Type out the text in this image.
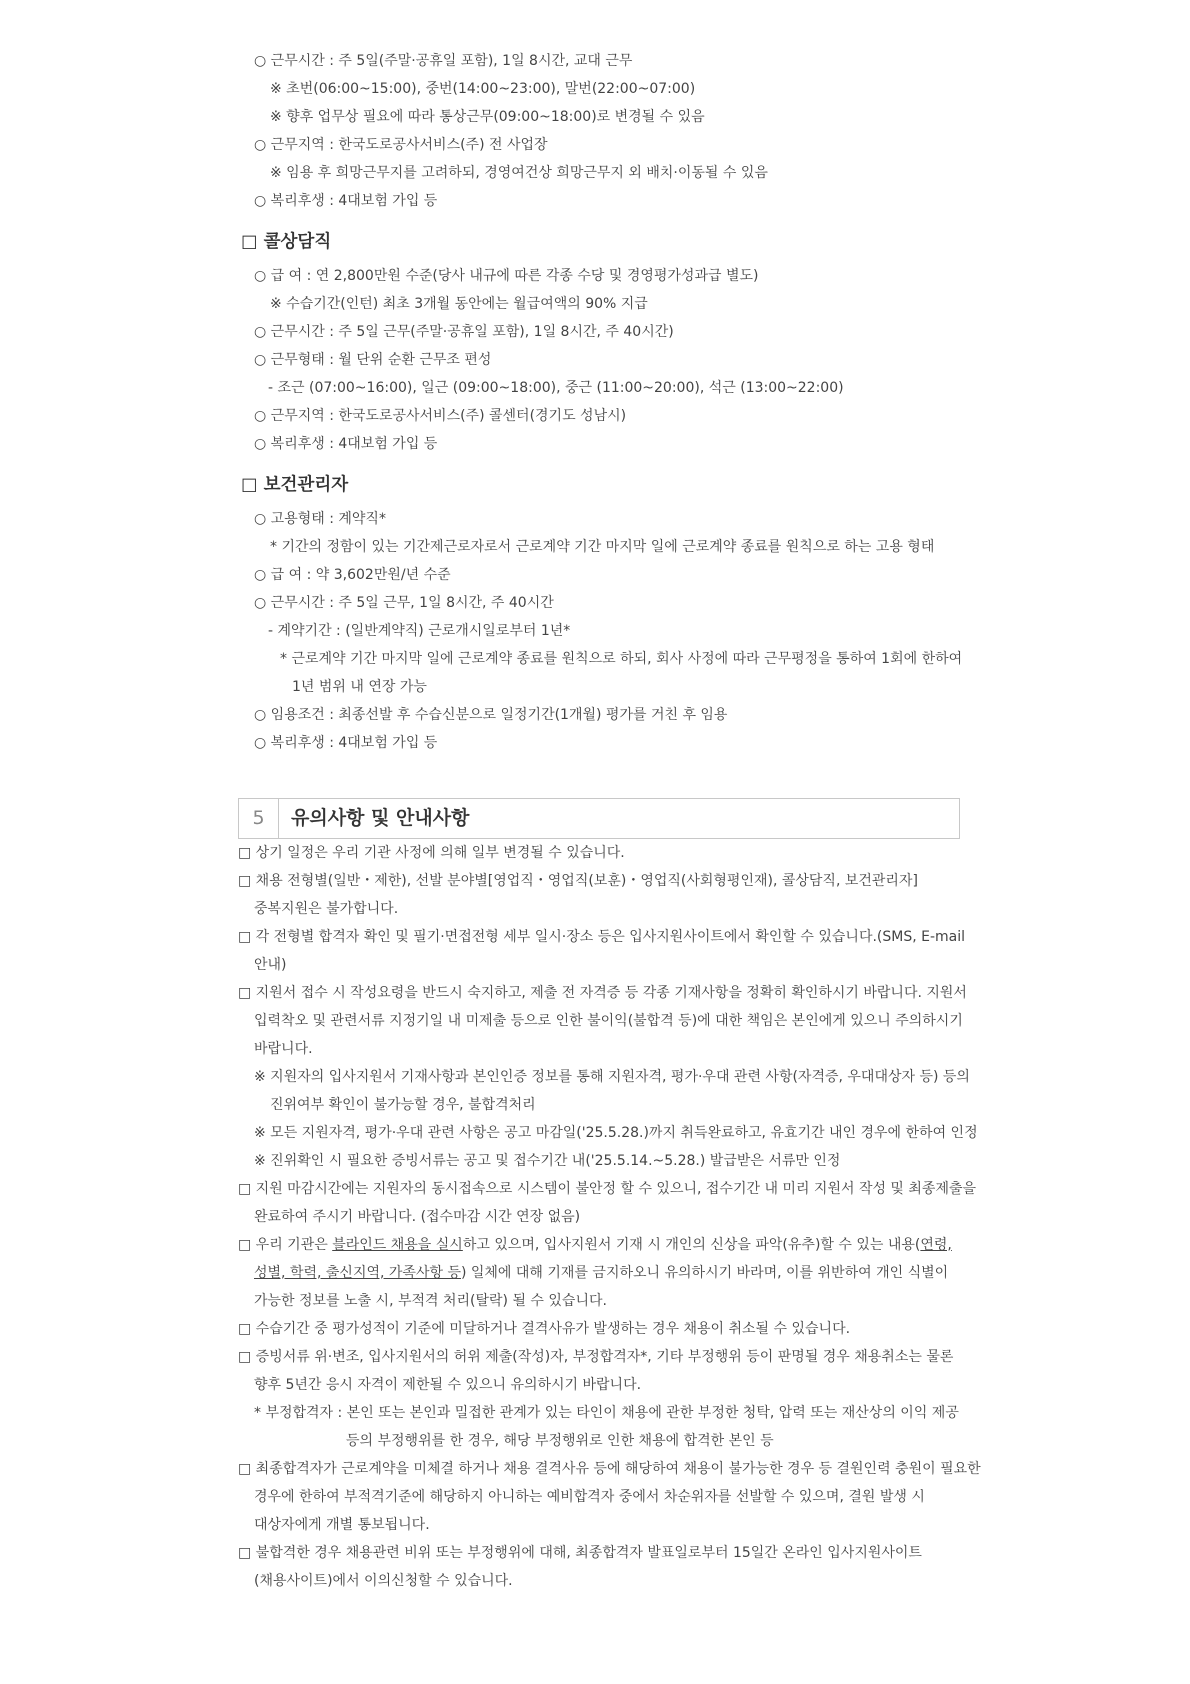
○ 근무시간 : 주 5일(주말·공휴일 포함), 1일 8시간, 교대 근무
※ 초번(06:00~15:00), 중번(14:00~23:00), 말번(22:00~07:00)
※ 향후 업무상 필요에 따라 통상근무(09:00~18:00)로 변경될 수 있음
○ 근무지역 : 한국도로공사서비스(주) 전 사업장
※ 임용 후 희망근무지를 고려하되, 경영여건상 희망근무지 외 배치·이동될 수 있음
○ 복리후생 : 4대보험 가입 등
□ 콜상담직
○ 급 여 : 연 2,800만원 수준(당사 내규에 따른 각종 수당 및 경영평가성과급 별도)
※ 수습기간(인턴) 최초 3개월 동안에는 월급여액의 90% 지급
○ 근무시간 : 주 5일 근무(주말·공휴일 포함), 1일 8시간, 주 40시간)
○ 근무형태 : 월 단위 순환 근무조 편성
- 조근 (07:00~16:00), 일근 (09:00~18:00), 중근 (11:00~20:00), 석근 (13:00~22:00)
○ 근무지역 : 한국도로공사서비스(주) 콜센터(경기도 성남시)
○ 복리후생 : 4대보험 가입 등
□ 보건관리자
○ 고용형태 : 계약직*
* 기간의 정함이 있는 기간제근로자로서 근로계약 기간 마지막 일에 근로계약 종료를 원칙으로 하는 고용 형태
○ 급 여 : 약 3,602만원/년 수준
○ 근무시간 : 주 5일 근무, 1일 8시간, 주 40시간
- 계약기간 : (일반계약직) 근로개시일로부터 1년*
* 근로계약 기간 마지막 일에 근로계약 종료를 원칙으로 하되, 회사 사정에 따라 근무평정을 통하여 1회에 한하여
1년 범위 내 연장 가능
○ 임용조건 : 최종선발 후 수습신분으로 일정기간(1개월) 평가를 거친 후 임용
○ 복리후생 : 4대보험 가입 등
□ 상기 일정은 우리 기관 사정에 의해 일부 변경될 수 있습니다.
□ 채용 전형별(일반・제한), 선발 분야별[영업직・영업직(보훈)・영업직(사회형평인재), 콜상담직, 보건관리자]
중복지원은 불가합니다.
□ 각 전형별 합격자 확인 및 필기·면접전형 세부 일시·장소 등은 입사지원사이트에서 확인할 수 있습니다.(SMS, E-mail
안내)
□ 지원서 접수 시 작성요령을 반드시 숙지하고, 제출 전 자격증 등 각종 기재사항을 정확히 확인하시기 바랍니다. 지원서
입력착오 및 관련서류 지정기일 내 미제출 등으로 인한 불이익(불합격 등)에 대한 책임은 본인에게 있으니 주의하시기
바랍니다.
※ 지원자의 입사지원서 기재사항과 본인인증 정보를 통해 지원자격, 평가·우대 관련 사항(자격증, 우대대상자 등) 등의
진위여부 확인이 불가능할 경우, 불합격처리
※ 모든 지원자격, 평가·우대 관련 사항은 공고 마감일('25.5.28.)까지 취득완료하고, 유효기간 내인 경우에 한하여 인정
※ 진위확인 시 필요한 증빙서류는 공고 및 접수기간 내('25.5.14.~5.28.) 발급받은 서류만 인정
□ 지원 마감시간에는 지원자의 동시접속으로 시스템이 불안정 할 수 있으니, 접수기간 내 미리 지원서 작성 및 최종제출을
완료하여 주시기 바랍니다. (접수마감 시간 연장 없음)
□ 우리 기관은 블라인드 채용을 실시하고 있으며, 입사지원서 기재 시 개인의 신상을 파악(유추)할 수 있는 내용(연령,
성별, 학력, 출신지역, 가족사항 등) 일체에 대해 기재를 금지하오니 유의하시기 바라며, 이를 위반하여 개인 식별이
가능한 정보를 노출 시, 부적격 처리(탈락) 될 수 있습니다.
□ 수습기간 중 평가성적이 기준에 미달하거나 결격사유가 발생하는 경우 채용이 취소될 수 있습니다.
□ 증빙서류 위·변조, 입사지원서의 허위 제출(작성)자, 부정합격자*, 기타 부정행위 등이 판명될 경우 채용취소는 물론
향후 5년간 응시 자격이 제한될 수 있으니 유의하시기 바랍니다.
* 부정합격자 : 본인 또는 본인과 밀접한 관계가 있는 타인이 채용에 관한 부정한 청탁, 압력 또는 재산상의 이익 제공
등의 부정행위를 한 경우, 해당 부정행위로 인한 채용에 합격한 본인 등
□ 최종합격자가 근로계약을 미체결 하거나 채용 결격사유 등에 해당하여 채용이 불가능한 경우 등 결원인력 충원이 필요한
경우에 한하여 부적격기준에 해당하지 아니하는 예비합격자 중에서 차순위자를 선발할 수 있으며, 결원 발생 시
대상자에게 개별 통보됩니다.
□ 불합격한 경우 채용관련 비위 또는 부정행위에 대해, 최종합격자 발표일로부터 15일간 온라인 입사지원사이트
(채용사이트)에서 이의신청할 수 있습니다.
5	유의사항 및 안내사항
